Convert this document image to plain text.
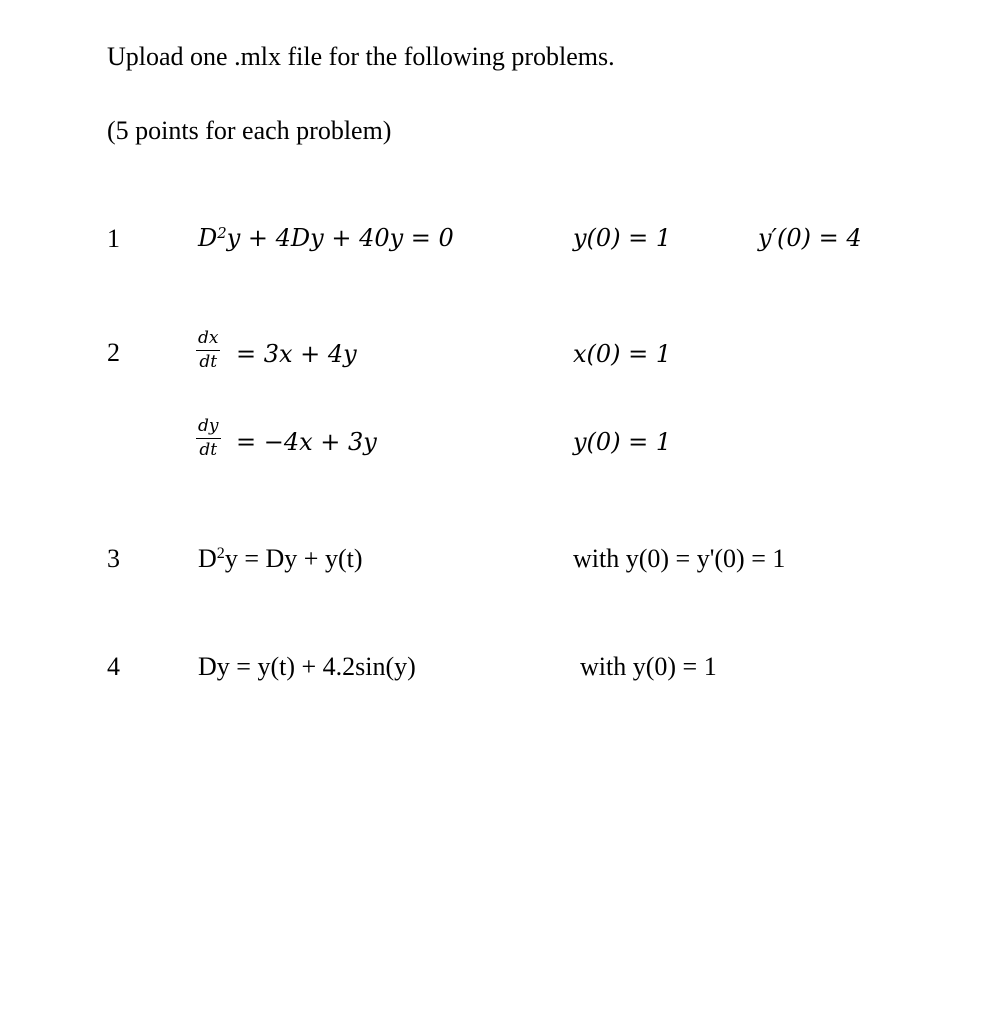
Upload one .mlx file for the following problems.
(5 points for each problem)
1	$D^2y + 4Dy + 40y = 0$	y(0) = 1	y′(0) = 4
2	$\frac{dx}{dt} = 3x + 4y$	x(0) = 1
$\frac{dy}{dt} = -4x + 3y$	y(0) = 1
3	$D^2y = Dy + y(t)$	with y(0) = y'(0) = 1
4	Dy = y(t) + 4.2sin(y)	with y(0) = 1
